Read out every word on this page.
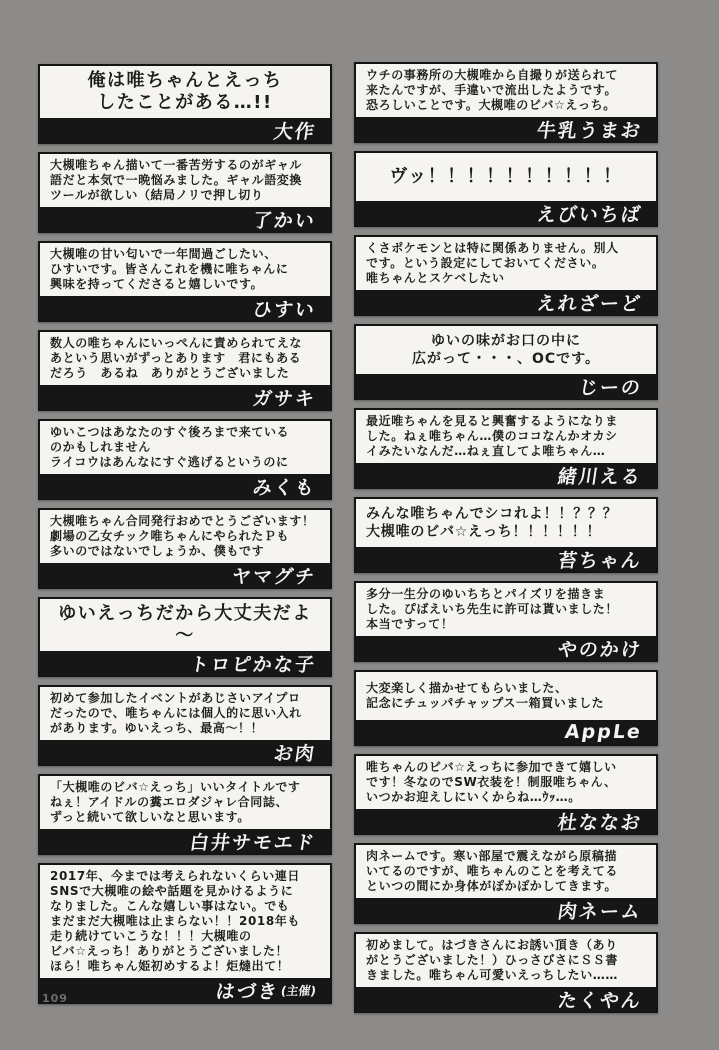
俺は唯ちゃんとえっち
したことがある…!!

大作

大槻唯ちゃん描いて一番苦労するのがギャル
語だと本気で一晩悩みました。ギャル語変換
ツールが欲しい（結局ノリで押し切り

了かい

大槻唯の甘い匂いで一年間過ごしたい、
ひすいです。皆さんこれを機に唯ちゃんに
興味を持ってくださると嬉しいです。

ひすい

数人の唯ちゃんにいっぺんに責められてえな
あという思いがずっとあります　君にもある
だろう　あるね　ありがとうございました

ガサキ

ゆいこつはあなたのすぐ後ろまで来ている
のかもしれません
ライコウはあんなにすぐ逃げるというのに

みくも

大槻唯ちゃん合同発行おめでとうございます！
劇場の乙女チック唯ちゃんにやられたＰも
多いのではないでしょうか、僕もです

ヤマグチ

ゆいえっちだから大丈夫だよ～

トロピかな子

初めて参加したイベントがあじさいアイプロ
だったので、唯ちゃんには個人的に思い入れ
があります。ゆいえっち、最高～！！

お肉

「大槻唯のビバ☆えっち」いいタイトルです
ねぇ！アイドルの糞エロダジャレ合同誌、
ずっと続いて欲しいなと思います。

白井サモエド

2017年、今までは考えられないくらい連日
SNSで大槻唯の絵や話題を見かけるように
なりました。こんな嬉しい事はない。でも
まだまだ大槻唯は止まらない！！2018年も
走り続けていこうな！！！大槻唯の
ビバ☆えっち！ありがとうございました！
ほら！唯ちゃん姫初めするよ！炬燵出て！

はづき (主催)

ウチの事務所の大槻唯から自撮りが送られて
来たんですが、手違いで流出したようです。
恐ろしいことです。大槻唯のビバ☆えっち。

牛乳うまお

ヴッ！！！！！！！！！！

えびいちば

くさポケモンとは特に関係ありません。別人
です。という設定にしておいてください。
唯ちゃんとスケベしたい

えれざーど

ゆいの味がお口の中に
広がって・・・、OCです。

じーの

最近唯ちゃんを見ると興奮するようになりま
した。ねぇ唯ちゃん…僕のココなんかオカシ
イみたいなんだ…ねぇ直してよ唯ちゃん…

緒川える

みんな唯ちゃんでシコれよ！！？？？
大槻唯のビバ☆えっち！！！！！！

苔ちゃん

多分一生分のゆいちちとパイズリを描きま
した。ぴばえいち先生に許可は貰いました！
本当ですって！

やのかけ

大変楽しく描かせてもらいました、
記念にチュッパチャップス一箱買いました

AppLe

唯ちゃんのビバ☆えっちに参加できて嬉しい
です！冬なのでSW衣装を！制服唯ちゃん、
いつかお迎えしにいくからね…ｳｯ…。

杜ななお

肉ネームです。寒い部屋で震えながら原稿描
いてるのですが、唯ちゃんのことを考えてる
といつの間にか身体がぽかぽかしてきます。

肉ネーム

初めまして。はづきさんにお誘い頂き（あり
がとうございました！）ひっさびさにＳＳ書
きました。唯ちゃん可愛いえっちしたい……

たくやん
109
